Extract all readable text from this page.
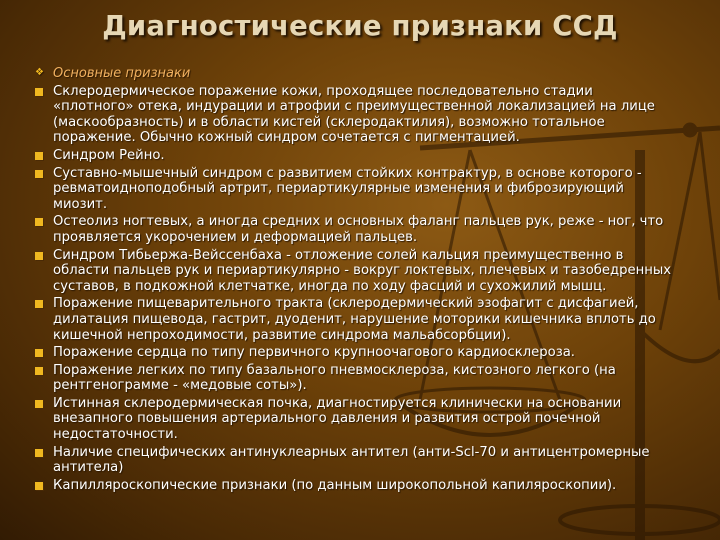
Диагностические признаки ССД
❖ Основные признаки
Склеродермическое поражение кожи, проходящее последовательно стадии «плотного» отека, индурации и атрофии с преимущественной локализацией на лице (маскообразность) и в области кистей (склеродактилия), возможно тотальное поражение. Обычно кожный синдром сочетается с пигментацией.
Синдром Рейно.
Суставно-мышечный синдром с развитием стойких контрактур, в основе которого - ревматоидноподобный артрит, периартикулярные изменения и фиброзирующий миозит.
Остеолиз ногтевых, а иногда средних и основных фаланг пальцев рук, реже - ног, что проявляется укорочением и деформацией пальцев.
Синдром Тибьержа-Вейссенбаха - отложение солей кальция преимущественно в области пальцев рук и периартикулярно - вокруг локтевых, плечевых и тазобедренных суставов, в подкожной клетчатке, иногда по ходу фасций и сухожилий мышц.
Поражение пищеварительного тракта (склеродермический эзофагит с дисфагией, дилатация пищевода, гастрит, дуоденит, нарушение моторики кишечника вплоть до кишечной непроходимости, развитие синдрома мальабсорбции).
Поражение сердца по типу первичного крупноочагового кардиосклероза.
Поражение легких по типу базального пневмосклероза, кистозного легкого (на рентгенограмме - «медовые соты»).
Истинная склеродермическая почка, диагностируется клинически на основании внезапного повышения артериального давления и развития острой почечной недостаточности.
Наличие специфических антинуклеарных антител (анти-Scl-70 и антицентромерные антитела)
Капилляроскопические признаки (по данным широкопольной капиляроскопии).
